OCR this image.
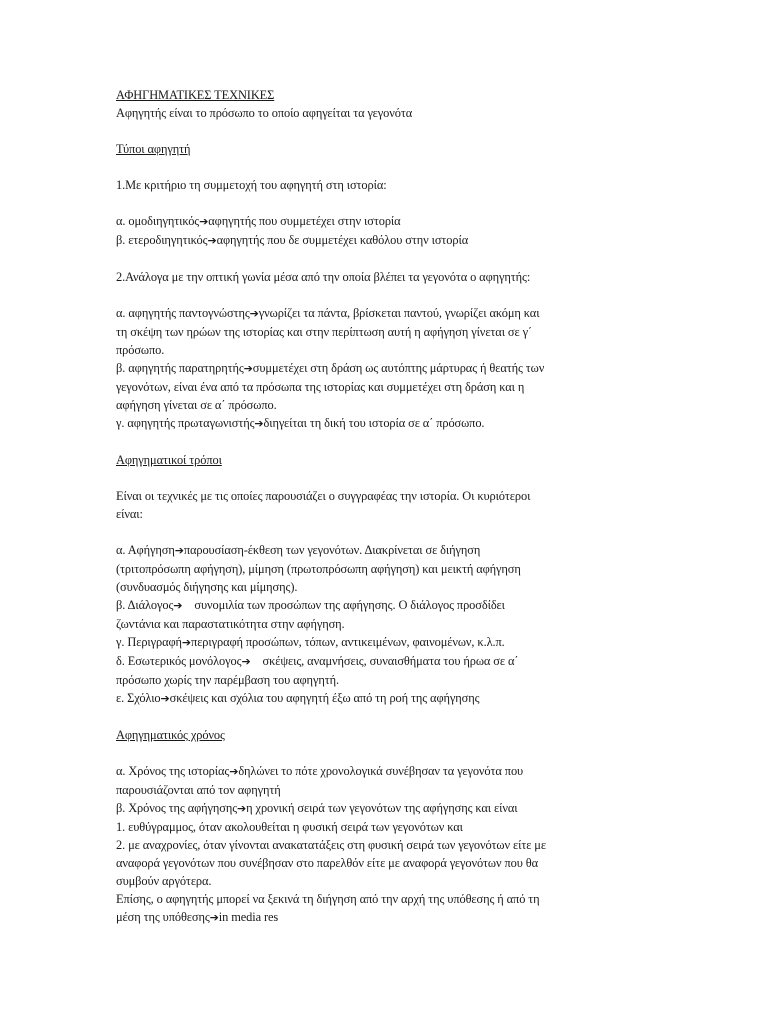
ΑΦΗΓΗΜΑΤΙΚΕΣ ΤΕΧΝΙΚΕΣ
Αφηγητής είναι το πρόσωπο το οποίο αφηγείται τα γεγονότα
Τύποι αφηγητή
1.Με κριτήριο τη συμμετοχή του αφηγητή στη ιστορία:
α. ομοδιηγητικός➔αφηγητής που συμμετέχει στην ιστορία
β. ετεροδιηγητικός➔αφηγητής που δε συμμετέχει καθόλου στην ιστορία
2.Ανάλογα με την οπτική γωνία μέσα από την οποία βλέπει τα γεγονότα ο αφηγητής:
α. αφηγητής παντογνώστης➔γνωρίζει τα πάντα, βρίσκεται παντού, γνωρίζει ακόμη και
τη σκέψη των ηρώων της ιστορίας και στην περίπτωση αυτή η αφήγηση γίνεται σε γ΄
πρόσωπο.
β. αφηγητής παρατηρητής➔συμμετέχει στη δράση ως αυτόπτης μάρτυρας ή θεατής των
γεγονότων, είναι ένα από τα πρόσωπα της ιστορίας και συμμετέχει στη δράση και η
αφήγηση γίνεται σε α΄ πρόσωπο.
γ. αφηγητής πρωταγωνιστής➔διηγείται τη δική του ιστορία σε α΄ πρόσωπο.
Αφηγηματικοί τρόποι
Είναι οι τεχνικές με τις οποίες παρουσιάζει ο συγγραφέας την ιστορία. Οι κυριότεροι
είναι:
α. Αφήγηση➔παρουσίαση-έκθεση των γεγονότων. Διακρίνεται σε διήγηση
(τριτοπρόσωπη αφήγηση), μίμηση (πρωτοπρόσωπη αφήγηση) και μεικτή αφήγηση
(συνδυασμός διήγησης και μίμησης).
β. Διάλογος➔    συνομιλία των προσώπων της αφήγησης. Ο διάλογος προσδίδει
ζωντάνια και παραστατικότητα στην αφήγηση.
γ. Περιγραφή➔περιγραφή προσώπων, τόπων, αντικειμένων, φαινομένων, κ.λ.π.
δ. Εσωτερικός μονόλογος➔    σκέψεις, αναμνήσεις, συναισθήματα του ήρωα σε α΄
πρόσωπο χωρίς την παρέμβαση του αφηγητή.
ε. Σχόλιο➔σκέψεις και σχόλια του αφηγητή έξω από τη ροή της αφήγησης
Αφηγηματικός χρόνος
α. Χρόνος της ιστορίας➔δηλώνει το πότε χρονολογικά συνέβησαν τα γεγονότα που
παρουσιάζονται από τον αφηγητή
β. Χρόνος της αφήγησης➔η χρονική σειρά των γεγονότων της αφήγησης και είναι
1. ευθύγραμμος, όταν ακολουθείται η φυσική σειρά των γεγονότων και
2. με αναχρονίες, όταν γίνονται ανακατατάξεις στη φυσική σειρά των γεγονότων είτε με
αναφορά γεγονότων που συνέβησαν στο παρελθόν είτε με αναφορά γεγονότων που θα
συμβούν αργότερα.
Επίσης, ο αφηγητής μπορεί να ξεκινά τη διήγηση από την αρχή της υπόθεσης ή από τη
μέση της υπόθεσης➔in media res
